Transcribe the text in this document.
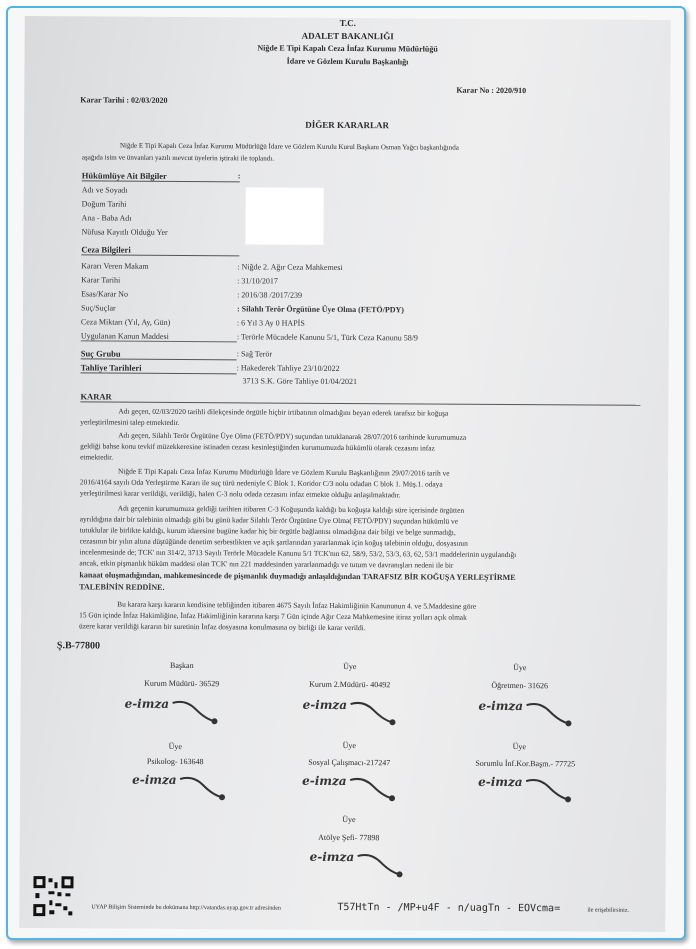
T.C.
ADALET BAKANLIĞI
Niğde E Tipi Kapalı Ceza İnfaz Kurumu Müdürlüğü
İdare ve Gözlem Kurulu Başkanlığı
Karar Tarihi : 02/03/2020
Karar No : 2020/910
DİĞER KARARLAR
Niğde E Tipi Kapalı Ceza İnfaz Kurumu Müdürlüğü İdare ve Gözlem Kurulu Kurul Başkanı Osman Yağcı başkanlığında
aşağıda isim ve ünvanları yazılı mevcut üyelerin iştiraki ile toplandı.
Hükümlüye Ait Bilgiler	:
Adı ve Soyadı
Doğum Tarihi
Ana - Baba Adı
Nüfusa Kayıtlı Olduğu Yer
Ceza Bilgileri
Kararı Veren Makam	: Niğde 2. Ağır Ceza Mahkemesi
Karar Tarihi	: 31/10/2017
Esas/Karar No	: 2016/38 /2017/239
Suç/Suçlar	: Silahlı Terör Örgütüne Üye Olma (FETÖ/PDY)
Ceza Miktarı (Yıl, Ay, Gün)	: 6 Yıl 3 Ay 0 HAPİS
Uygulanan Kanun Maddesi	: Terörle Mücadele Kanunu 5/1, Türk Ceza Kanunu 58/9
Suç Grubu	: Sağ Terör
Tahliye Tarihleri	: Hakederek Tahliye 23/10/2022
3713 S.K. Göre Tahliye 01/04/2021
KARAR
Adı geçen, 02/03/2020 tarihli dilekçesinde örgütle hiçbir irtibatının olmadığını beyan ederek tarafsız bir koğuşa
yerleştirilmesini talep etmektedir.
Adı geçen, Silahlı Terör Örgütüne Üye Olma (FETÖ/PDY) suçundan tutuklanarak 28/07/2016 tarihinde kurumumuza
geldiği bahse konu tevkif müzekkeresine istinaden cezası kesinleştiğinden kurumumuzda hükümlü olarak cezasını infaz
etmektedir.
Niğde E Tipi Kapalı Ceza İnfaz Kurumu Müdürlüğü İdare ve Gözlem Kurulu Başkanlığının 29/07/2016 tarih ve
2016/4164 sayılı Oda Yerleştirme Kararı ile suç türü nedeniyle C Blok 1. Koridor C/3 nolu odadan C blok 1. Müş.1. odaya
yerleştirilmesi karar verildiği, verildiği, halen C-3 nolu odada cezasını infaz etmekte olduğu anlaşılmaktadır.
Adı geçenin kurumumuza geldiği tarihten itibaren C-3 Koğuşunda kaldığı bu koğuşta kaldığı süre içerisinde örgütten
ayrıldığına dair bir talebinin olmadığı gibi bu günü kadar Silahlı Terör Örgütüne Üye Olma( FETÖ/PDY) suçundan hükümlü ve
tutuklular ile birlikte kaldığı, kurum idaresine bugüne kadar hiç bir örgütle bağlantısı olmadığına dair bilgi ve belge sunmadığı,
cezasının bir yılın altına düştüğünde denetim serbestlikten ve açık şartlarından yararlanmak için koğuş talebinin olduğu, dosyasının
incelenmesinde de; TCK' nın 314/2, 3713 Sayılı Terörle Mücadele Kanunu 5/1 TCK'nın 62, 58/9, 53/2, 53/3, 63, 62, 53/1 maddelerinin uygulandığı
ancak, etkin pişmanlık hüküm maddesi olan TCK' nın 221 maddesinden yararlanmadığı ve tutum ve davranışları nedeni ile bir
kanaat oluşmadığından, mahkemesincede de pişmanlık duymadığı anlaşıldığından TARAFSIZ BİR KOĞUŞA YERLEŞTİRME
TALEBİNİN REDDİNE.
Bu karara karşı kararın kendisine tebliğinden itibaren 4675 Sayılı İnfaz Hakimliğinin Kanununun 4. ve 5.Maddesine göre
15 Gün içinde İnfaz Hakimliğine, İnfaz Hakimliğinin kararına karşı 7 Gün içinde Ağır Ceza Mahkemesine itiraz yolları açık olmak
üzere karar verildiği kararın bir suretinin İnfaz dosyasına konulmasına oy birliği ile karar verildi.
Ş.B-77800
Başkan
Kurum Müdürü- 36529
e-imza
Üye
Kurum 2.Müdürü- 40492
e-imza
Üye
Öğretmen- 31626
e-imza
Üye
Psikolog- 163648
e-imza
Üye
Sosyal Çalışmacı-217247
e-imza
Üye
Sorumlu İnf.Kor.Başm.- 77725
e-imza
Üye
Atölye Şefi- 77898
e-imza
UYAP Bilişim Sisteminde bu dokümana http://vatandas.uyap.gov.tr adresinden	T57HtTn - /MP+u4F - n/uagTn - EOVcma=	ile erişebilirsiniz.
